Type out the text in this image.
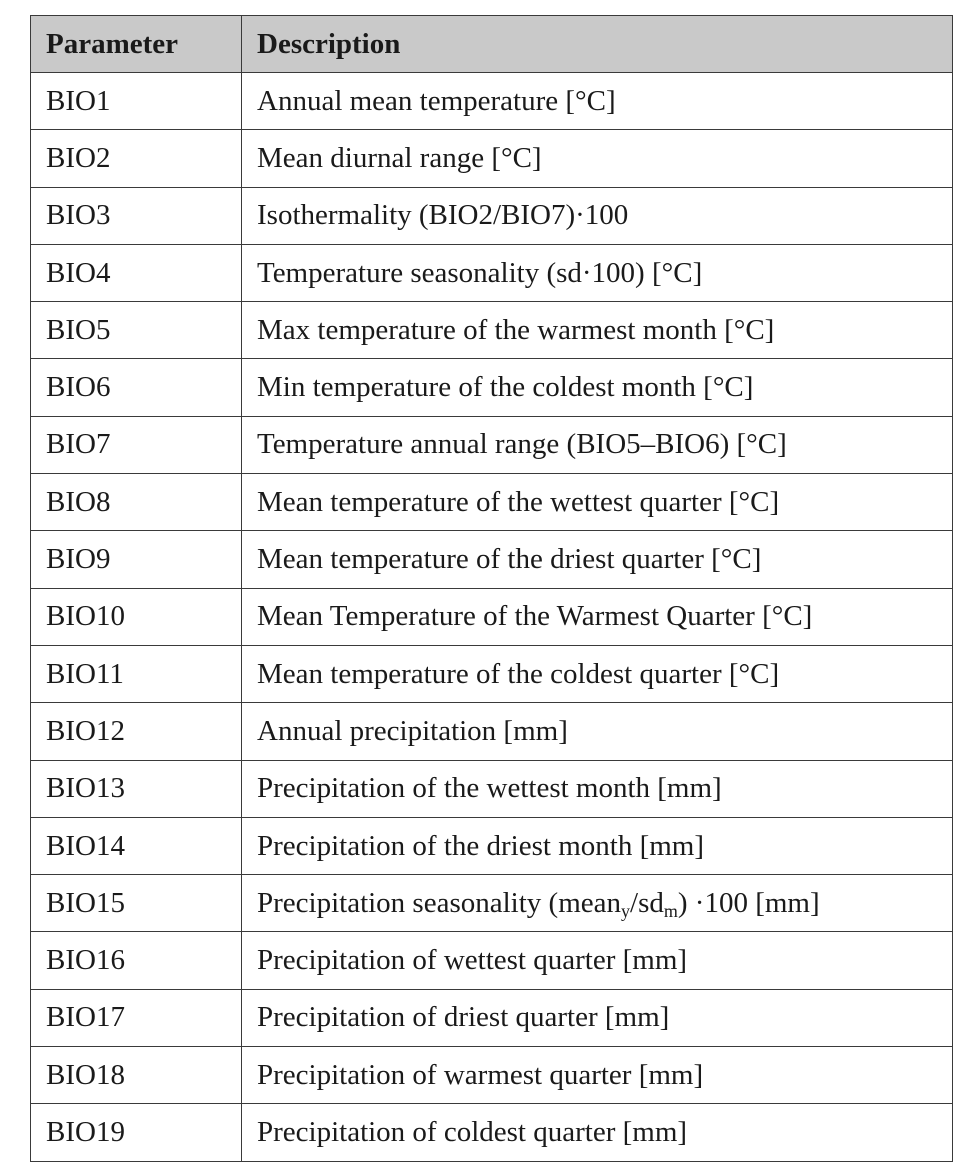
Parameter	Description
BIO1	Annual mean temperature [°C]
BIO2	Mean diurnal range [°C]
BIO3	Isothermality (BIO2/BIO7)·100
BIO4	Temperature seasonality (sd·100) [°C]
BIO5	Max temperature of the warmest month [°C]
BIO6	Min temperature of the coldest month [°C]
BIO7	Temperature annual range (BIO5–BIO6) [°C]
BIO8	Mean temperature of the wettest quarter [°C]
BIO9	Mean temperature of the driest quarter [°C]
BIO10	Mean Temperature of the Warmest Quarter [°C]
BIO11	Mean temperature of the coldest quarter [°C]
BIO12	Annual precipitation [mm]
BIO13	Precipitation of the wettest month [mm]
BIO14	Precipitation of the driest month [mm]
BIO15	Precipitation seasonality $(mean_y/sd_m) \cdot 100$ [mm]
BIO16	Precipitation of wettest quarter [mm]
BIO17	Precipitation of driest quarter [mm]
BIO18	Precipitation of warmest quarter [mm]
BIO19	Precipitation of coldest quarter [mm]
